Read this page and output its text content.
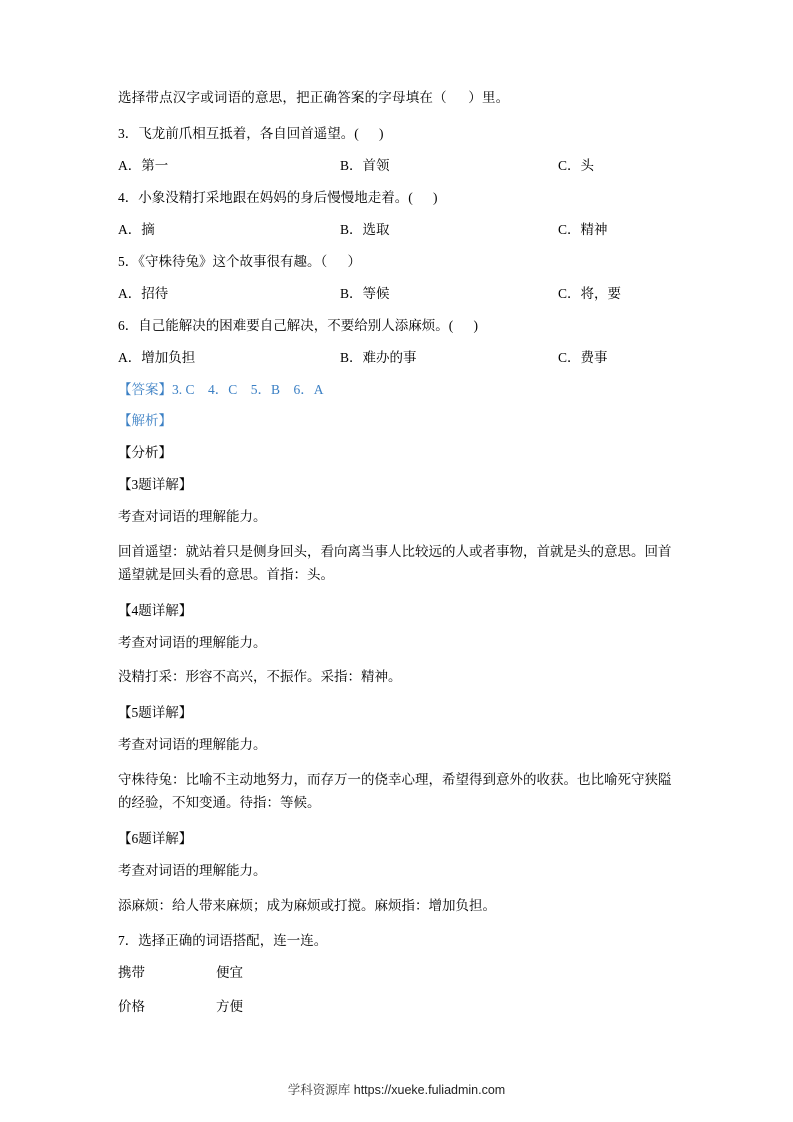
选择带点汉字或词语的意思，把正确答案的字母填在（      ）里。

3．飞龙前爪相互抵着，各自回首遥望。(      )

A．第一	B．首领	C．头

4．小象没精打采地跟在妈妈的身后慢慢地走着。(      )

A．摘	B．选取	C．精神

5．《守株待兔》这个故事很有趣。（      ）

A．招待	B．等候	C．将，要

6．自己能解决的困难要自己解决，不要给别人添麻烦。(      )

A．增加负担	B．难办的事	C．费事

【答案】3. C    4．C    5．B    6．A

【解析】

【分析】

【3题详解】

考查对词语的理解能力。

回首遥望：就站着只是侧身回头，看向离当事人比较远的人或者事物，首就是头的意思。回首遥望就是回头看的意思。首指：头。

【4题详解】

考查对词语的理解能力。

没精打采：形容不高兴，不振作。采指：精神。

【5题详解】

考查对词语的理解能力。

守株待兔：比喻不主动地努力，而存万一的侥幸心理，希望得到意外的收获。也比喻死守狭隘的经验，不知变通。待指：等候。

【6题详解】

考查对词语的理解能力。

添麻烦：给人带来麻烦；成为麻烦或打搅。麻烦指：增加负担。

7．选择正确的词语搭配，连一连。

携带	便宜
价格	方便
学科资源库 https://xueke.fuliadmin.com
